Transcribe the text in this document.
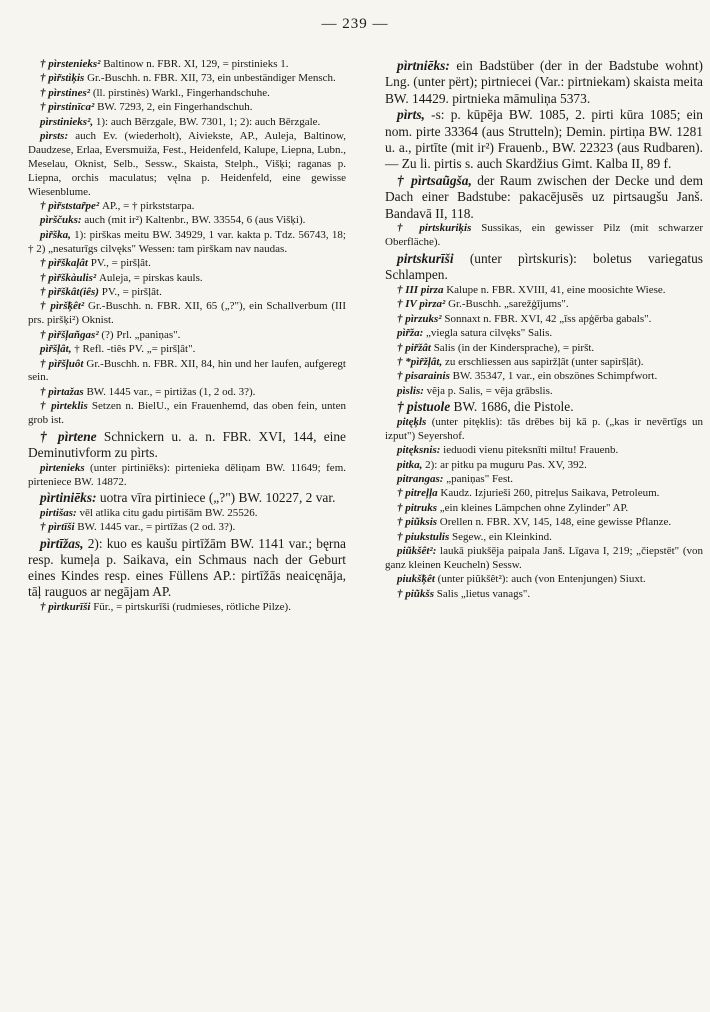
— 239 —

† pìrstenieks² Baltinow n. FBR. XI, 129, = pirstinieks 1.

† pìr̃stìķis Gr.-Buschh. n. FBR. XII, 73, ein unbeständiger Mensch.

† pìrstines² (ll. pirstinès) Warkl., Fingerhandschuhe.

† pìrstinīca² BW. 7293, 2, ein Fingerhandschuh.

pìrstinieks², 1): auch Bērzgale, BW. 7301, 1; 2): auch Bērzgale.

pìrsts: auch Ev. (wiederholt), Aiviekste, AP., Auleja, Baltinow, Daudzese, Erlaa, Eversmuiža, Fest., Heidenfeld, Kalupe, Liepna, Lubn., Meselau, Oknist, Selb., Sessw., Skaista, Stelph., Višķi; raganas p. Liepna, orchis maculatus; vęlna p. Heidenfeld, eine gewisse Wiesenblume.

† pìr̃ststar̃pe² AP., = † pirkststarpa.

pìrščuks: auch (mit ir²) Kaltenbr., BW. 33554, 6 (aus Višķi).

pìr̃ška, 1): pirškas meitu BW. 34929, 1 var. kakta p. Tdz. 56743, 18; † 2) „nesaturīgs cilvęks" Wessen: tam pìrškam nav naudas.

† pìr̃škaļât PV., = piršļât.

† pìr̃škàulis² Auleja, = pirskas kauls.

† pìr̃škât(iês) PV., = piršļât.

† pìrš̃ķêt² Gr.-Buschh. n. FBR. XII, 65 („?"), ein Schallverbum (III prs. piršķi²) Oknist.

† pìr̃šļañgas² (?) Prl. „paniņas".

pìr̃šļât, † Refl. -tiês PV. „= piršļât".

† pìr̃šļuôt Gr.-Buschh. n. FBR. XII, 84, hin und her laufen, aufgeregt sein.

† pìrtažas BW. 1445 var., = pirtižas (1, 2 od. 3?).

† pìrteklis Setzen n. BielU., ein Frauenhemd, das oben fein, unten grob ist.

† pìrtene Schnickern u. a. n. FBR. XVI, 144, eine Deminutivform zu pìrts.

pìrtenieks (unter pirtiniēks): pirtenieka dēliņam BW. 11649; fem. pirteniece BW. 14872.

pìrtiniēks: uotra vīra pirtiniece („?") BW. 10227, 2 var.

pirtišas: vēl atlika citu gadu pirtišām BW. 25526.

† pìrtīši BW. 1445 var., = pirtīžas (2 od. 3?).

pìrtīžas, 2): kuo es kaušu pirtīžām BW. 1141 var.; bęrna resp. kumeļa p. Saikava, ein Schmaus nach der Geburt eines Kindes resp. eines Füllens AP.: pirtīžās neaicęnāja, tāļ rauguos ar negājam AP.

† pìrtkurīši Für., = pirtskurīši (rudmieses, rötliche Pilze).

pìrtniēks: ein Badstüber (der in der Badstube wohnt) Lng. (unter përt); pirtniecei (Var.: pirtniekam) skaista meita BW. 14429. pirtnieka māmuliņa 5373.

pìrts, -s: p. kūpēja BW. 1085, 2. pirti kūra 1085; ein nom. pirte 33364 (aus Strutteln); Demin. pirtiņa BW. 1281 u. a., pirtīte (mit ir²) Frauenb., BW. 22323 (aus Rudbaren). — Zu li. pirtis s. auch Skardžius Gimt. Kalba II, 89 f.

† pìrtsaũgša, der Raum zwischen der Decke und dem Dach einer Badstube: pakacējusēs uz pirtsaugšu Janš. Bandavā II, 118.

† pirtskuriķis Sussikas, ein gewisser Pilz (mit schwarzer Oberfläche).

pirtskurīši (unter pìrtskuris): boletus variegatus Schlampen.

† III pirza Kalupe n. FBR. XVIII, 41, eine moosichte Wiese.

† IV pìrza² Gr.-Buschh. „sarežģījums".

† pìrzuks² Sonnaxt n. FBR. XVI, 42 „īss apģērba gabals".

pìr̃ža: „viegla satura cilvęks" Salis.

† pir̃žât Salis (in der Kindersprache), = piršt.

† *pìr̃žļât, zu erschliessen aus sapìržļât (unter sapìršļât).

† pisarainis BW. 35347, 1 var., ein obszönes Schimpfwort.

pìslis: vẽja p. Salis, = vẽja grābslis.

† pistuole BW. 1686, die Pistole.

pitęķls (unter pitęklis): tās drēbes bij kā p. („kas ir nevērtīgs un izput") Seyershof.

pitęksnis: ieduodi vienu piteksnīti miltu! Frauenb.

pitka, 2): ar pitku pa muguru Pas. XV, 392.

pitrangas: „paniņas" Fest.

† pitreļļa Kaudz. Izjurieši 260, pitreļus Saikava, Petroleum.

† pitruks „ein kleines Lämpchen ohne Zylinder" AP.

† piũksis Orellen n. FBR. XV, 145, 148, eine gewisse Pflanze.

† piukstulis Segew., ein Kleinkind.

piũkšêt²: laukā piukšēja paipala Janš. Līgava I, 219; „čiepstēt" (von ganz kleinen Keucheln) Sessw.

piukš̃ķêt (unter piũkšêt²): auch (von Entenjungen) Siuxt.

† piũkšs Salis „lietus vanags".
